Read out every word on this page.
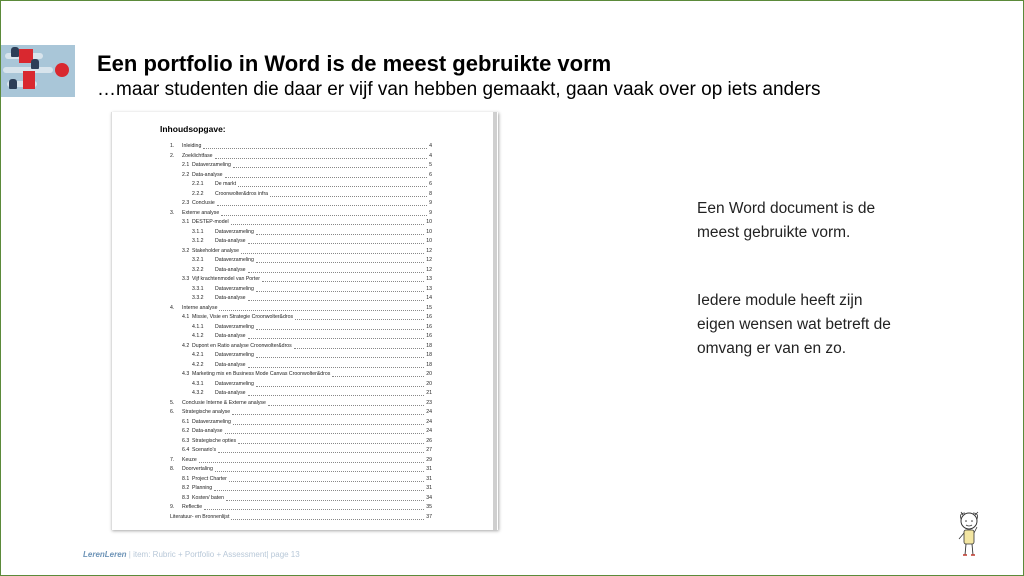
Een portfolio in Word is de meest gebruikte vorm
…maar studenten die daar er vijf van hebben gemaakt, gaan vaak over op iets anders
Inhoudsopgave:
1. Inleiding	4
2. Zoeklichtfase	4
2.1 Dataverzameling	5
2.2 Data-analyse	6
2.2.1 De markt	6
2.2.2 Croonwolter&dros infra	8
2.3 Conclusie	9
3. Externe analyse	9
3.1 DESTEP-model	10
3.1.1 Dataverzameling	10
3.1.2 Data-analyse	10
3.2 Stakeholder analyse	12
3.2.1 Dataverzameling	12
3.2.2 Data-analyse	12
3.3 Vijf krachtenmodel van Porter	13
3.3.1 Dataverzameling	13
3.3.2 Data-analyse	14
4. Interne analyse	15
4.1 Missie, Visie en Strategie Croonwolter&dros	16
4.1.1 Dataverzameling	16
4.1.2 Data-analyse	16
4.2 Dupont en Ratio analyse Croonwolter&dros	18
4.2.1 Dataverzameling	18
4.2.2 Data-analyse	18
4.3 Marketing mix en Business Mode Canvas Croonwolter&dros	20
4.3.1 Dataverzameling	20
4.3.2 Data-analyse	21
5. Conclusie Interne & Externe analyse	23
6. Strategische analyse	24
6.1 Dataverzameling	24
6.2 Data-analyse	24
6.3 Strategische opties	26
6.4 Scenario's	27
7. Keuze	29
8. Doorvertaling	31
8.1 Project Charter	31
8.2 Planning	31
8.3 Kosten/ baten	34
9. Reflectie	35
Literatuur- en Bronnenlijst	37
Een Word document is de
meest gebruikte vorm.
Iedere module heeft zijn
eigen wensen wat betreft de
omvang er van en zo.
LerenLeren | item: Rubric + Portfolio + Assessment| page 13
